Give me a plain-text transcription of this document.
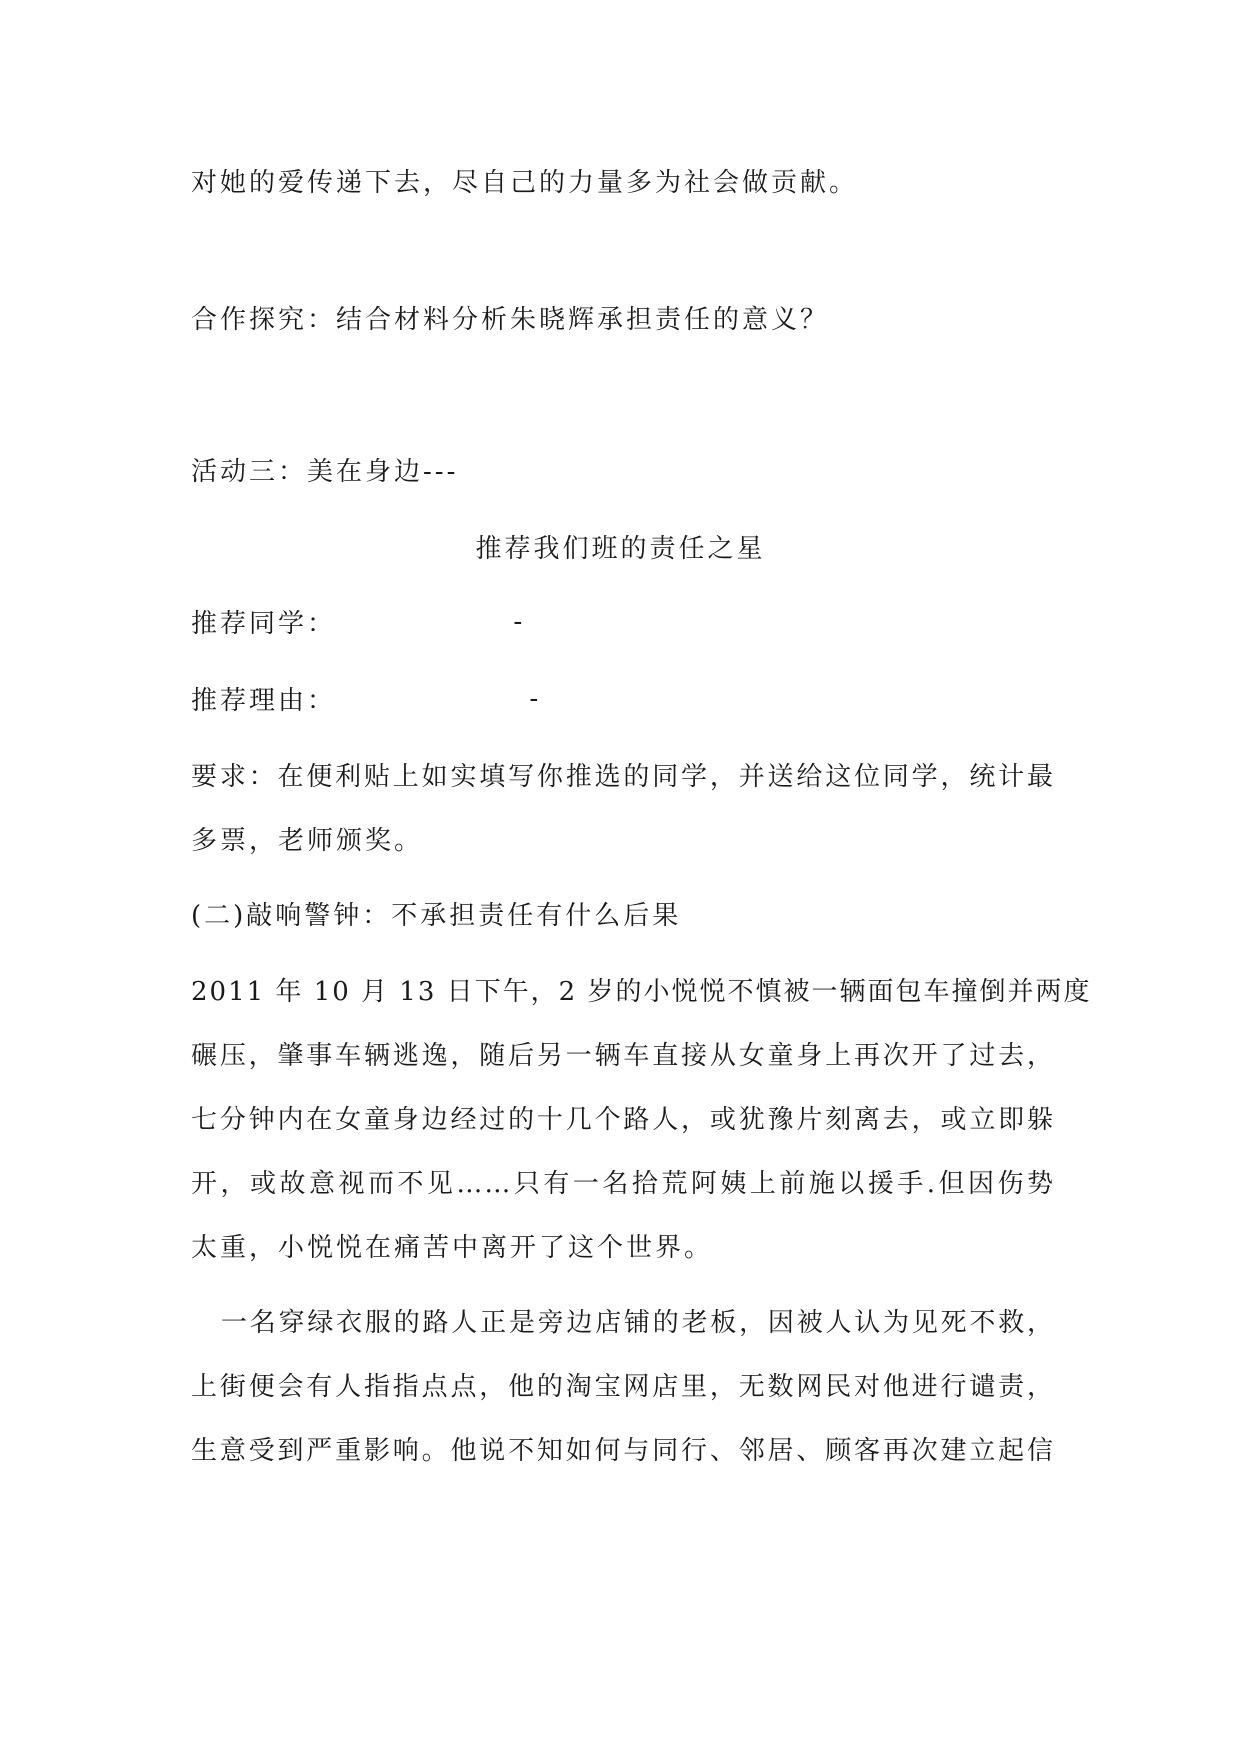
对她的爱传递下去，尽自己的力量多为社会做贡献。
合作探究：结合材料分析朱晓辉承担责任的意义？
活动三：美在身边---
推荐我们班的责任之星
推荐同学：	-
推荐理由：	-
要求：在便利贴上如实填写你推选的同学，并送给这位同学，统计最
多票，老师颁奖。
(二)敲响警钟：不承担责任有什么后果
2011 年 10 月 13 日下午，2 岁的小悦悦不慎被一辆面包车撞倒并两度
碾压，肇事车辆逃逸，随后另一辆车直接从女童身上再次开了过去，
七分钟内在女童身边经过的十几个路人，或犹豫片刻离去，或立即躲
开，或故意视而不见……只有一名拾荒阿姨上前施以援手.但因伤势
太重，小悦悦在痛苦中离开了这个世界。
一名穿绿衣服的路人正是旁边店铺的老板，因被人认为见死不救，
上街便会有人指指点点，他的淘宝网店里，无数网民对他进行谴责，
生意受到严重影响。他说不知如何与同行、邻居、顾客再次建立起信
